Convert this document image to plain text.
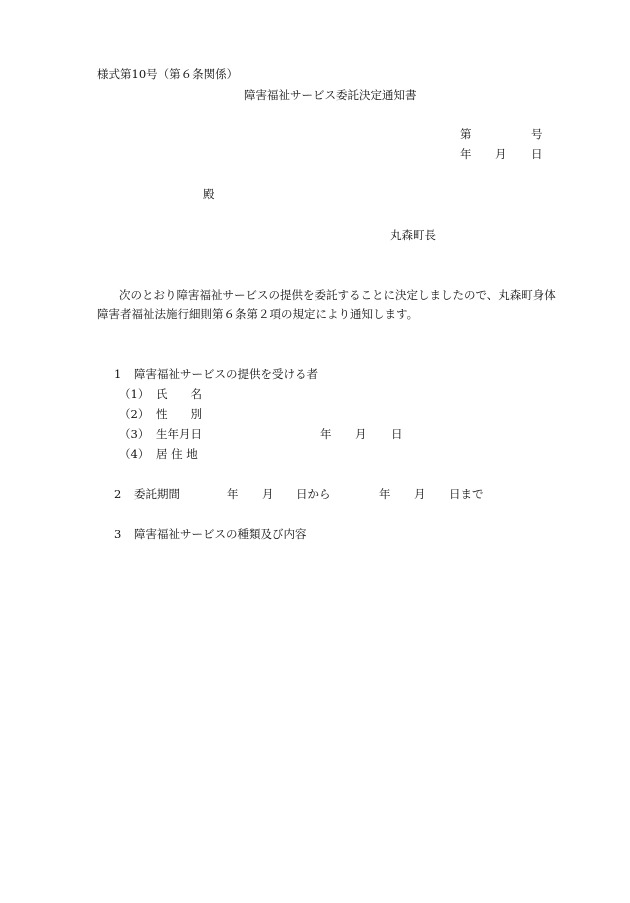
様式第10号（第６条関係）
障害福祉サービス委託決定通知書
第	号
年 月 日
殿
丸森町長
次のとおり障害福祉サービスの提供を委託することに決定しましたので、丸森町身体
障害者福祉法施行細則第６条第２項の規定により通知します。
1 障害福祉サービスの提供を受ける者
（1） 氏　　名
（2） 性　　別
（3） 生年月日	年 月 日
（4） 居 住 地
2 委託期間	年 月 日から	年 月 日まで
3 障害福祉サービスの種類及び内容
